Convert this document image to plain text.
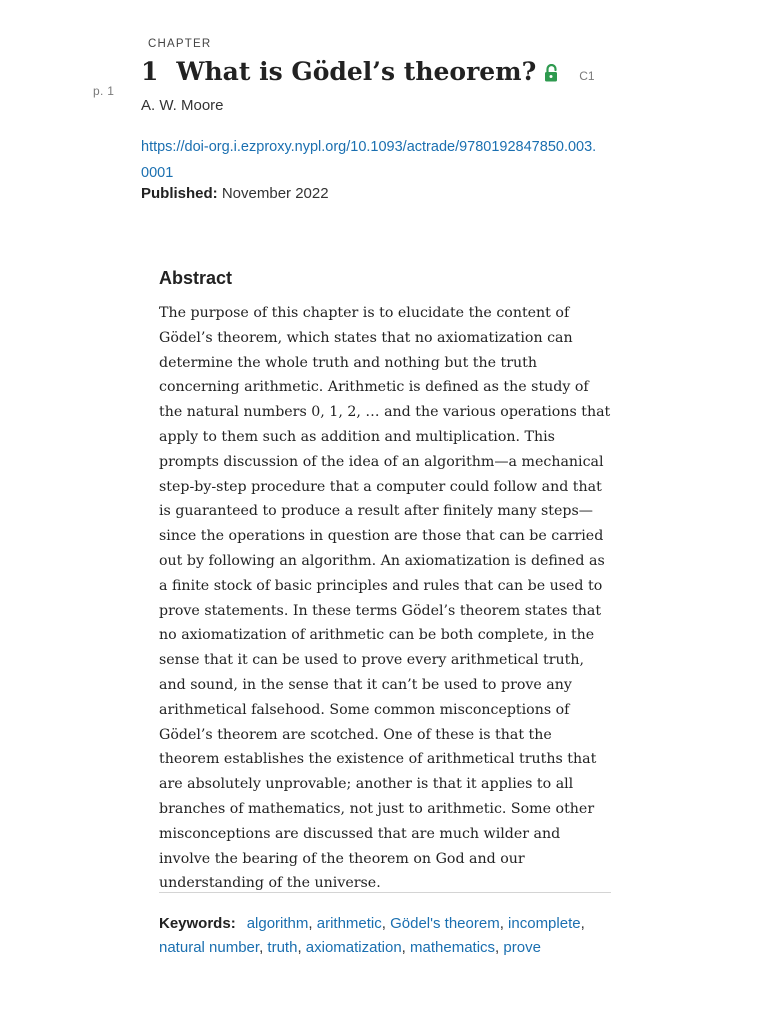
p. 1
CHAPTER
1 What is Gödel’s theorem?	C1
A. W. Moore
https://doi-org.i.ezproxy.nypl.org/10.1093/actrade/9780192847850.003.0001
Published: November 2022
Abstract

The purpose of this chapter is to elucidate the content of Gödel’s theorem, which states that no axiomatization can determine the whole truth and nothing but the truth concerning arithmetic. Arithmetic is defined as the study of the natural numbers 0, 1, 2, … and the various operations that apply to them such as addition and multiplication. This prompts discussion of the idea of an algorithm—a mechanical step-by-step procedure that a computer could follow and that is guaranteed to produce a result after finitely many steps—since the operations in question are those that can be carried out by following an algorithm. An axiomatization is defined as a finite stock of basic principles and rules that can be used to prove statements. In these terms Gödel’s theorem states that no axiomatization of arithmetic can be both complete, in the sense that it can be used to prove every arithmetical truth, and sound, in the sense that it can’t be used to prove any arithmetical falsehood. Some common misconceptions of Gödel’s theorem are scotched. One of these is that the theorem establishes the existence of arithmetical truths that are absolutely unprovable; another is that it applies to all branches of mathematics, not just to arithmetic. Some other misconceptions are discussed that are much wilder and involve the bearing of the theorem on God and our understanding of the universe.

Keywords: algorithm, arithmetic, Gödel's theorem, incomplete, natural number, truth, axiomatization, mathematics, prove
